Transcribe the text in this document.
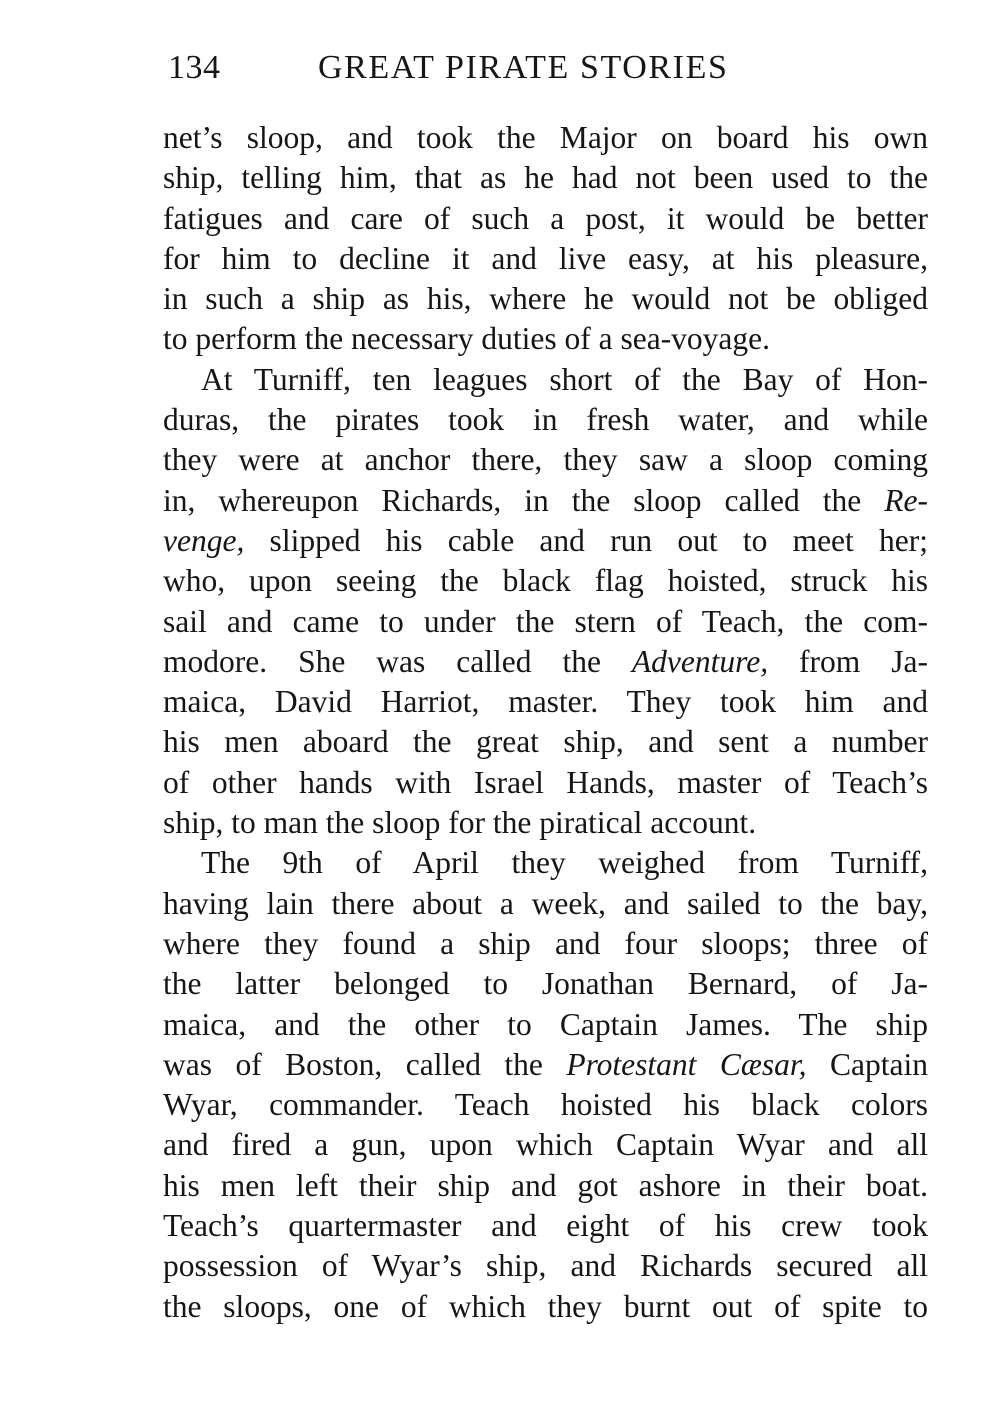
134	GREAT PIRATE STORIES
net’s sloop, and took the Major on board his own
ship, telling him, that as he had not been used to the
fatigues and care of such a post, it would be better
for him to decline it and live easy, at his pleasure,
in such a ship as his, where he would not be obliged
to perform the necessary duties of a sea-voyage.
At Turniff, ten leagues short of the Bay of Hon-
duras, the pirates took in fresh water, and while
they were at anchor there, they saw a sloop coming
in, whereupon Richards, in the sloop called the Re-
venge, slipped his cable and run out to meet her;
who, upon seeing the black flag hoisted, struck his
sail and came to under the stern of Teach, the com-
modore. She was called the Adventure, from Ja-
maica, David Harriot, master. They took him and
his men aboard the great ship, and sent a number
of other hands with Israel Hands, master of Teach’s
ship, to man the sloop for the piratical account.
The 9th of April they weighed from Turniff,
having lain there about a week, and sailed to the bay,
where they found a ship and four sloops; three of
the latter belonged to Jonathan Bernard, of Ja-
maica, and the other to Captain James. The ship
was of Boston, called the Protestant Cæsar, Captain
Wyar, commander. Teach hoisted his black colors
and fired a gun, upon which Captain Wyar and all
his men left their ship and got ashore in their boat.
Teach’s quartermaster and eight of his crew took
possession of Wyar’s ship, and Richards secured all
the sloops, one of which they burnt out of spite to
